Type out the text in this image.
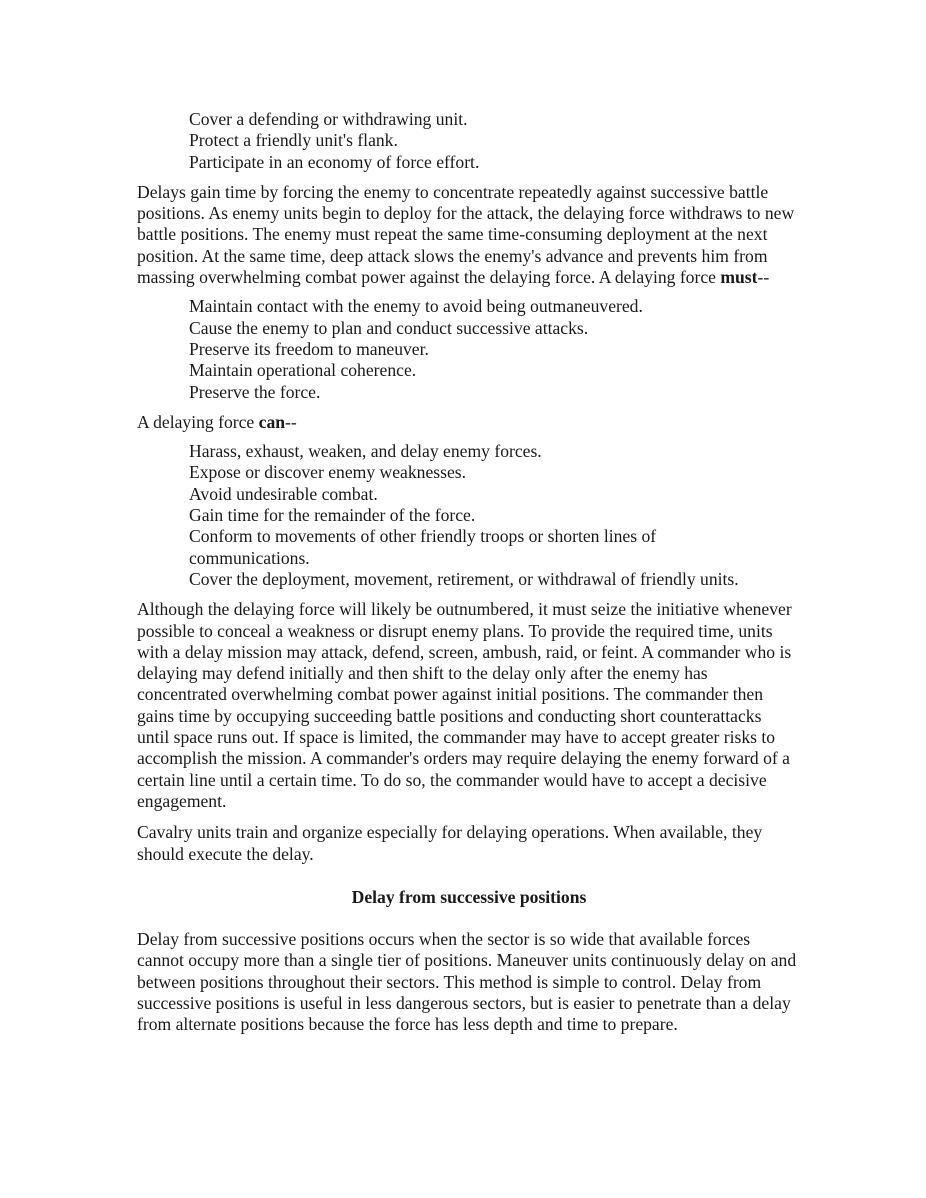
Cover a defending or withdrawing unit.
Protect a friendly unit's flank.
Participate in an economy of force effort.

Delays gain time by forcing the enemy to concentrate repeatedly against successive battle positions. As enemy units begin to deploy for the attack, the delaying force withdraws to new battle positions. The enemy must repeat the same time-consuming deployment at the next position. At the same time, deep attack slows the enemy's advance and prevents him from massing overwhelming combat power against the delaying force. A delaying force must--

Maintain contact with the enemy to avoid being outmaneuvered.
Cause the enemy to plan and conduct successive attacks.
Preserve its freedom to maneuver.
Maintain operational coherence.
Preserve the force.

A delaying force can--

Harass, exhaust, weaken, and delay enemy forces.
Expose or discover enemy weaknesses.
Avoid undesirable combat.
Gain time for the remainder of the force.
Conform to movements of other friendly troops or shorten lines of communications.
Cover the deployment, movement, retirement, or withdrawal of friendly units.

Although the delaying force will likely be outnumbered, it must seize the initiative whenever possible to conceal a weakness or disrupt enemy plans. To provide the required time, units with a delay mission may attack, defend, screen, ambush, raid, or feint. A commander who is delaying may defend initially and then shift to the delay only after the enemy has concentrated overwhelming combat power against initial positions. The commander then gains time by occupying succeeding battle positions and conducting short counterattacks until space runs out. If space is limited, the commander may have to accept greater risks to accomplish the mission. A commander's orders may require delaying the enemy forward of a certain line until a certain time. To do so, the commander would have to accept a decisive engagement.

Cavalry units train and organize especially for delaying operations. When available, they should execute the delay.

Delay from successive positions

Delay from successive positions occurs when the sector is so wide that available forces cannot occupy more than a single tier of positions. Maneuver units continuously delay on and between positions throughout their sectors. This method is simple to control. Delay from successive positions is useful in less dangerous sectors, but is easier to penetrate than a delay from alternate positions because the force has less depth and time to prepare.
